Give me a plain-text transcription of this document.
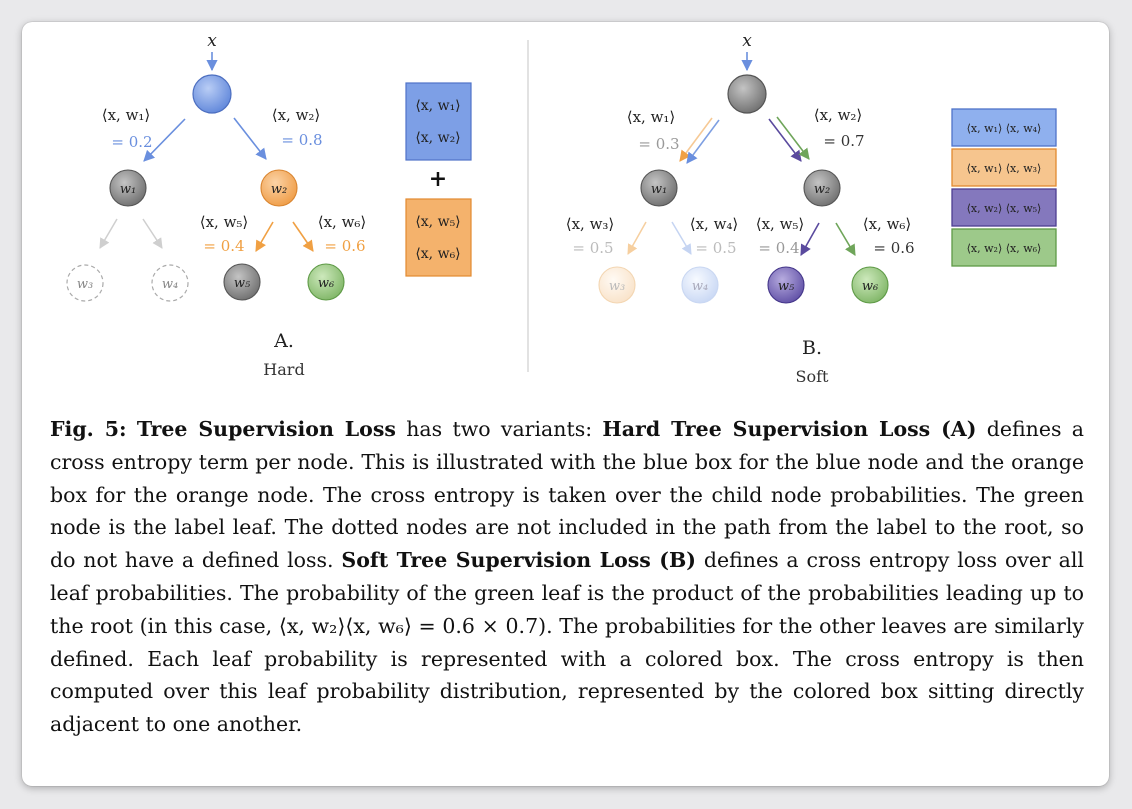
x
⟨x, w₁⟩
= 0.2
⟨x, w₂⟩
= 0.8
w₁	w₂
w₃	w₄
⟨x, w₅⟩
= 0.4
⟨x, w₆⟩
= 0.6
w₅	w₆
⟨x, w₁⟩
⟨x, w₂⟩
+
⟨x, w₅⟩
⟨x, w₆⟩
A.
Hard
x
⟨x, w₁⟩
= 0.3
⟨x, w₂⟩
= 0.7
w₁	w₂
⟨x, w₃⟩
= 0.5
⟨x, w₄⟩
= 0.5
⟨x, w₅⟩
= 0.4
⟨x, w₆⟩
= 0.6
w₃	w₄	w₅	w₆
⟨x, w₁⟩ ⟨x, w₄⟩
⟨x, w₁⟩ ⟨x, w₃⟩
⟨x, w₂⟩ ⟨x, w₅⟩
⟨x, w₂⟩ ⟨x, w₆⟩
B.
Soft

Fig. 5: Tree Supervision Loss has two variants: Hard Tree Supervision Loss (A) defines a cross entropy term per node. This is illustrated with the blue box for the blue node and the orange box for the orange node. The cross entropy is taken over the child node probabilities. The green node is the label leaf. The dotted nodes are not included in the path from the label to the root, so do not have a defined loss. Soft Tree Supervision Loss (B) defines a cross entropy loss over all leaf probabilities. The probability of the green leaf is the product of the probabilities leading up to the root (in this case, ⟨x, w₂⟩⟨x, w₆⟩ = 0.6 × 0.7). The probabilities for the other leaves are similarly defined. Each leaf probability is represented with a colored box. The cross entropy is then computed over this leaf probability distribution, represented by the colored box sitting directly adjacent to one another.
